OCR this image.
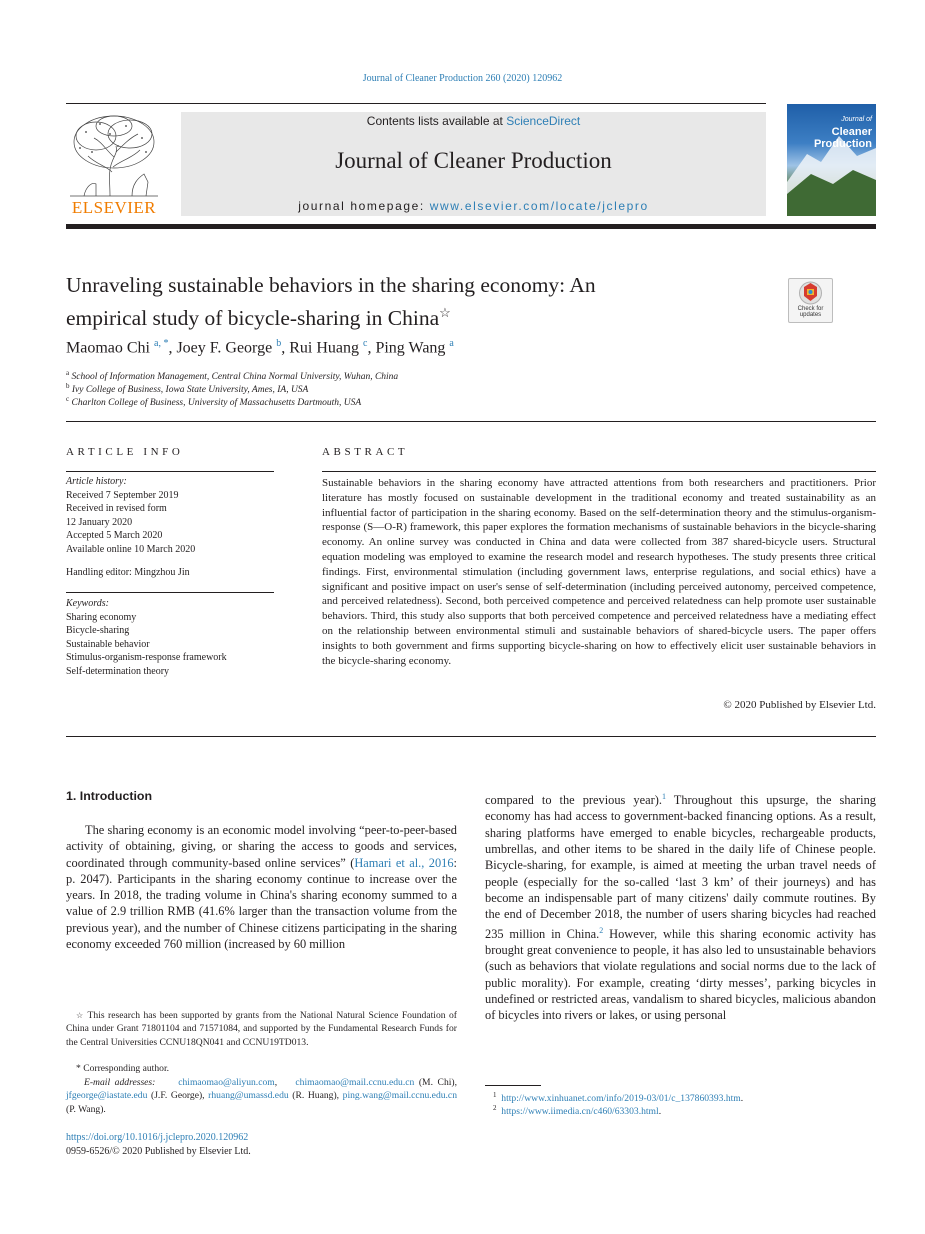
Journal of Cleaner Production 260 (2020) 120962
ELSEVIER
Contents lists available at ScienceDirect
Journal of Cleaner Production
journal homepage: www.elsevier.com/locate/jclepro
Journal of
Cleaner Production
Unraveling sustainable behaviors in the sharing economy: An
empirical study of bicycle-sharing in China☆	Check for updates
Maomao Chi $^{a, *}$, Joey F. George $^b$, Rui Huang $^c$, Ping Wang $^a$
$^a$ School of Information Management, Central China Normal University, Wuhan, China
$^b$ Ivy College of Business, Iowa State University, Ames, IA, USA
$^c$ Charlton College of Business, University of Massachusetts Dartmouth, USA
ARTICLE INFO
Article history:
Received 7 September 2019
Received in revised form
12 January 2020
Accepted 5 March 2020
Available online 10 March 2020
Handling editor: Mingzhou Jin
Keywords:
Sharing economy
Bicycle-sharing
Sustainable behavior
Stimulus-organism-response framework
Self-determination theory
ABSTRACT
Sustainable behaviors in the sharing economy have attracted attentions from both researchers and practitioners. Prior literature has mostly focused on sustainable development in the traditional economy and treated sustainability as an influential factor of participation in the sharing economy. Based on the self-determination theory and the stimulus-organism-response (S—O-R) framework, this paper explores the formation mechanisms of sustainable behaviors in the bicycle-sharing economy. An online survey was conducted in China and data were collected from 387 shared-bicycle users. Structural equation modeling was employed to examine the research model and research hypotheses. The study presents three critical findings. First, environmental stimulation (including government laws, enterprise regulations, and social ethics) have a significant and positive impact on user's sense of self-determination (including perceived autonomy, perceived competence, and perceived relatedness). Second, both perceived competence and perceived relatedness can help promote user sustainable behaviors. Third, this study also supports that both perceived competence and perceived relatedness have a mediating effect on the relationship between environmental stimuli and sustainable behaviors of shared-bicycle users. The paper offers insights to both government and firms supporting bicycle-sharing on how to effectively elicit user sustainable behaviors in the bicycle-sharing economy.
© 2020 Published by Elsevier Ltd.
1. Introduction
The sharing economy is an economic model involving “peer-to-peer-based activity of obtaining, giving, or sharing the access to goods and services, coordinated through community-based online services” (Hamari et al., 2016: p. 2047). Participants in the sharing economy continue to increase over the years. In 2018, the trading volume in China's sharing economy summed to a value of 2.9 trillion RMB (41.6% larger than the transaction volume from the previous year), and the number of Chinese citizens participating in the sharing economy exceeded 760 million (increased by 60 million
compared to the previous year).$^1$ Throughout this upsurge, the sharing economy has had access to government-backed financing options. As a result, sharing platforms have emerged to enable bicycles, rechargeable products, umbrellas, and other items to be shared in the daily life of Chinese people. Bicycle-sharing, for example, is aimed at meeting the urban travel needs of people (especially for the so-called ‘last 3 km’ of their journeys) and has become an indispensable part of many citizens' daily commute routines. By the end of December 2018, the number of users sharing bicycles had reached 235 million in China.$^2$ However, while this sharing economic activity has brought great convenience to people, it has also led to unsustainable behaviors (such as behaviors that violate regulations and social norms due to the lack of public morality). For example, creating ‘dirty messes’, parking bicycles in undefined or restricted areas, vandalism to shared bicycles, malicious abandon of bicycles into rivers or lakes, or using personal
☆ This research has been supported by grants from the National Natural Science Foundation of China under Grant 71801104 and 71571084, and supported by the Fundamental Research Funds for the Central Universities CCNU18QN041 and CCNU19TD013.
* Corresponding author.
E-mail addresses: chimaomao@aliyun.com,    chimaomao@mail.ccnu.edu.cn (M. Chi), jfgeorge@iastate.edu (J.F. George), rhuang@umassd.edu (R. Huang), ping.wang@mail.ccnu.edu.cn (P. Wang).
$^1$ http://www.xinhuanet.com/info/2019-03/01/c_137860393.htm.
$^2$ https://www.iimedia.cn/c460/63303.html.
https://doi.org/10.1016/j.jclepro.2020.120962
0959-6526/© 2020 Published by Elsevier Ltd.
